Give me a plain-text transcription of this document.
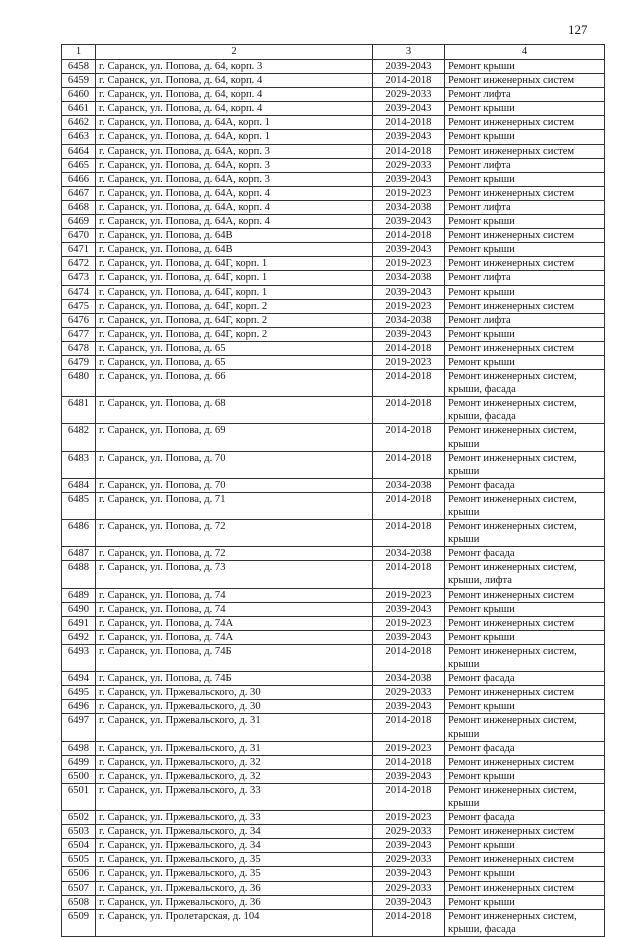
127
1	2	3	4
6458	г. Саранск, ул. Попова, д. 64, корп. 3	2039-2043	Ремонт крыши
6459	г. Саранск, ул. Попова, д. 64, корп. 4	2014-2018	Ремонт инженерных систем
6460	г. Саранск, ул. Попова, д. 64, корп. 4	2029-2033	Ремонт лифта
6461	г. Саранск, ул. Попова, д. 64, корп. 4	2039-2043	Ремонт крыши
6462	г. Саранск, ул. Попова, д. 64А, корп. 1	2014-2018	Ремонт инженерных систем
6463	г. Саранск, ул. Попова, д. 64А, корп. 1	2039-2043	Ремонт крыши
6464	г. Саранск, ул. Попова, д. 64А, корп. 3	2014-2018	Ремонт инженерных систем
6465	г. Саранск, ул. Попова, д. 64А, корп. 3	2029-2033	Ремонт лифта
6466	г. Саранск, ул. Попова, д. 64А, корп. 3	2039-2043	Ремонт крыши
6467	г. Саранск, ул. Попова, д. 64А, корп. 4	2019-2023	Ремонт инженерных систем
6468	г. Саранск, ул. Попова, д. 64А, корп. 4	2034-2038	Ремонт лифта
6469	г. Саранск, ул. Попова, д. 64А, корп. 4	2039-2043	Ремонт крыши
6470	г. Саранск, ул. Попова, д. 64В	2014-2018	Ремонт инженерных систем
6471	г. Саранск, ул. Попова, д. 64В	2039-2043	Ремонт крыши
6472	г. Саранск, ул. Попова, д. 64Г, корп. 1	2019-2023	Ремонт инженерных систем
6473	г. Саранск, ул. Попова, д. 64Г, корп. 1	2034-2038	Ремонт лифта
6474	г. Саранск, ул. Попова, д. 64Г, корп. 1	2039-2043	Ремонт крыши
6475	г. Саранск, ул. Попова, д. 64Г, корп. 2	2019-2023	Ремонт инженерных систем
6476	г. Саранск, ул. Попова, д. 64Г, корп. 2	2034-2038	Ремонт лифта
6477	г. Саранск, ул. Попова, д. 64Г, корп. 2	2039-2043	Ремонт крыши
6478	г. Саранск, ул. Попова, д. 65	2014-2018	Ремонт инженерных систем
6479	г. Саранск, ул. Попова, д. 65	2019-2023	Ремонт крыши
6480	г. Саранск, ул. Попова, д. 66	2014-2018	Ремонт инженерных систем, крыши, фасада
6481	г. Саранск, ул. Попова, д. 68	2014-2018	Ремонт инженерных систем, крыши, фасада
6482	г. Саранск, ул. Попова, д. 69	2014-2018	Ремонт инженерных систем, крыши
6483	г. Саранск, ул. Попова, д. 70	2014-2018	Ремонт инженерных систем, крыши
6484	г. Саранск, ул. Попова, д. 70	2034-2038	Ремонт фасада
6485	г. Саранск, ул. Попова, д. 71	2014-2018	Ремонт инженерных систем, крыши
6486	г. Саранск, ул. Попова, д. 72	2014-2018	Ремонт инженерных систем, крыши
6487	г. Саранск, ул. Попова, д. 72	2034-2038	Ремонт фасада
6488	г. Саранск, ул. Попова, д. 73	2014-2018	Ремонт инженерных систем, крыши, лифта
6489	г. Саранск, ул. Попова, д. 74	2019-2023	Ремонт инженерных систем
6490	г. Саранск, ул. Попова, д. 74	2039-2043	Ремонт крыши
6491	г. Саранск, ул. Попова, д. 74А	2019-2023	Ремонт инженерных систем
6492	г. Саранск, ул. Попова, д. 74А	2039-2043	Ремонт крыши
6493	г. Саранск, ул. Попова, д. 74Б	2014-2018	Ремонт инженерных систем, крыши
6494	г. Саранск, ул. Попова, д. 74Б	2034-2038	Ремонт фасада
6495	г. Саранск, ул. Пржевальского, д. 30	2029-2033	Ремонт инженерных систем
6496	г. Саранск, ул. Пржевальского, д. 30	2039-2043	Ремонт крыши
6497	г. Саранск, ул. Пржевальского, д. 31	2014-2018	Ремонт инженерных систем, крыши
6498	г. Саранск, ул. Пржевальского, д. 31	2019-2023	Ремонт фасада
6499	г. Саранск, ул. Пржевальского, д. 32	2014-2018	Ремонт инженерных систем
6500	г. Саранск, ул. Пржевальского, д. 32	2039-2043	Ремонт крыши
6501	г. Саранск, ул. Пржевальского, д. 33	2014-2018	Ремонт инженерных систем, крыши
6502	г. Саранск, ул. Пржевальского, д. 33	2019-2023	Ремонт фасада
6503	г. Саранск, ул. Пржевальского, д. 34	2029-2033	Ремонт инженерных систем
6504	г. Саранск, ул. Пржевальского, д. 34	2039-2043	Ремонт крыши
6505	г. Саранск, ул. Пржевальского, д. 35	2029-2033	Ремонт инженерных систем
6506	г. Саранск, ул. Пржевальского, д. 35	2039-2043	Ремонт крыши
6507	г. Саранск, ул. Пржевальского, д. 36	2029-2033	Ремонт инженерных систем
6508	г. Саранск, ул. Пржевальского, д. 36	2039-2043	Ремонт крыши
6509	г. Саранск, ул. Пролетарская, д. 104	2014-2018	Ремонт инженерных систем, крыши, фасада
